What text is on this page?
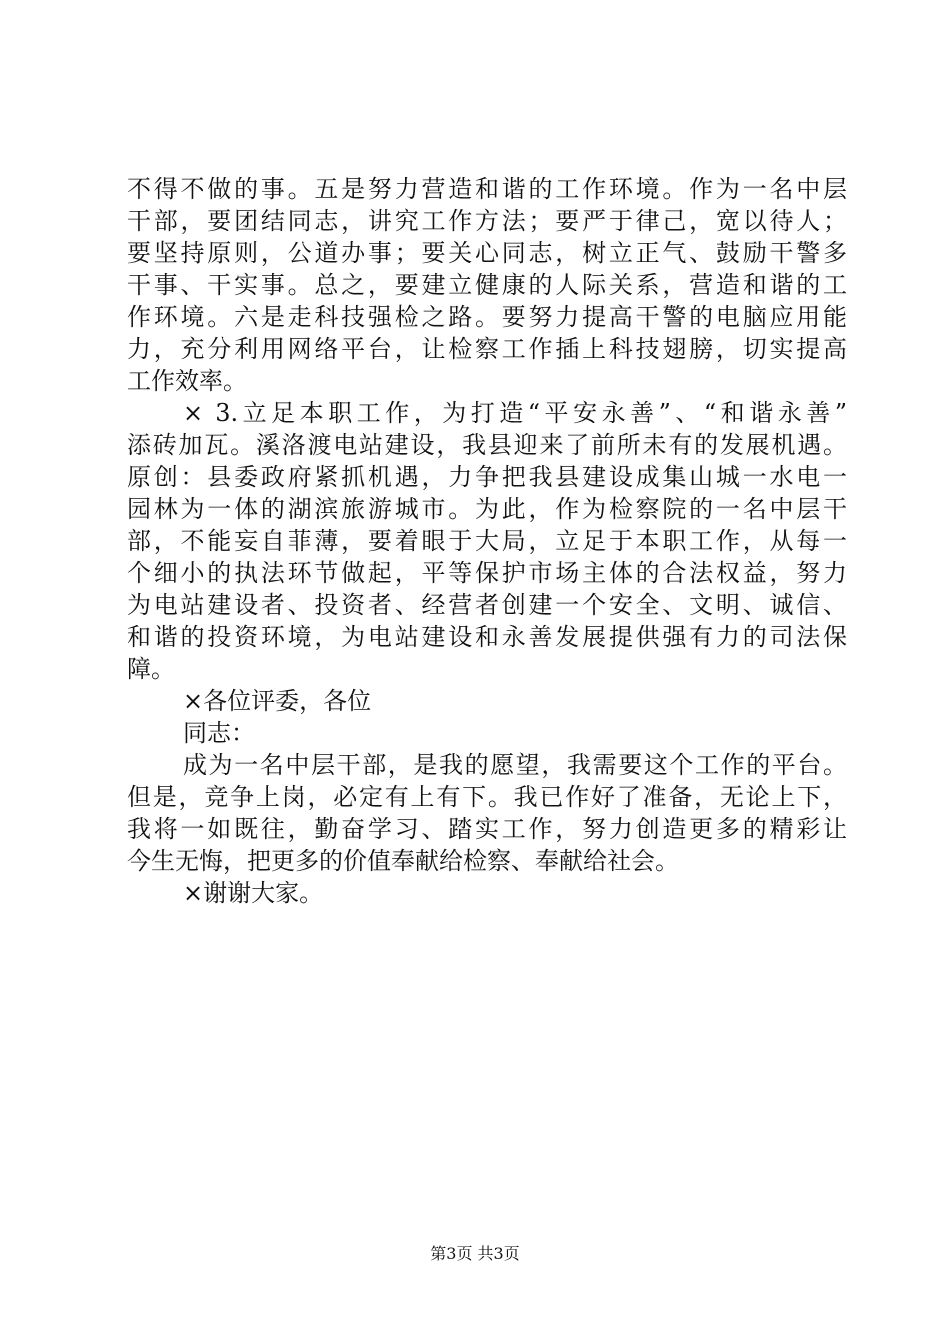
不得不做的事。五是努力营造和谐的工作环境。作为一名中层
干部，要团结同志，讲究工作方法；要严于律己，宽以待人；
要坚持原则，公道办事；要关心同志，树立正气、鼓励干警多
干事、干实事。总之，要建立健康的人际关系，营造和谐的工
作环境。六是走科技强检之路。要努力提高干警的电脑应用能
力，充分利用网络平台，让检察工作插上科技翅膀，切实提高
工作效率。
× 3.立足本职工作，为打造“平安永善”、“和谐永善”
添砖加瓦。溪洛渡电站建设，我县迎来了前所未有的发展机遇。
原创：县委政府紧抓机遇，力争把我县建设成集山城一水电一
园林为一体的湖滨旅游城市。为此，作为检察院的一名中层干
部，不能妄自菲薄，要着眼于大局，立足于本职工作，从每一
个细小的执法环节做起，平等保护市场主体的合法权益，努力
为电站建设者、投资者、经营者创建一个安全、文明、诚信、
和谐的投资环境，为电站建设和永善发展提供强有力的司法保
障。
×各位评委，各位
同志：
成为一名中层干部，是我的愿望，我需要这个工作的平台。
但是，竞争上岗，必定有上有下。我已作好了准备，无论上下，
我将一如既往，勤奋学习、踏实工作，努力创造更多的精彩让
今生无悔，把更多的价值奉献给检察、奉献给社会。
×谢谢大家。
第3页 共3页
